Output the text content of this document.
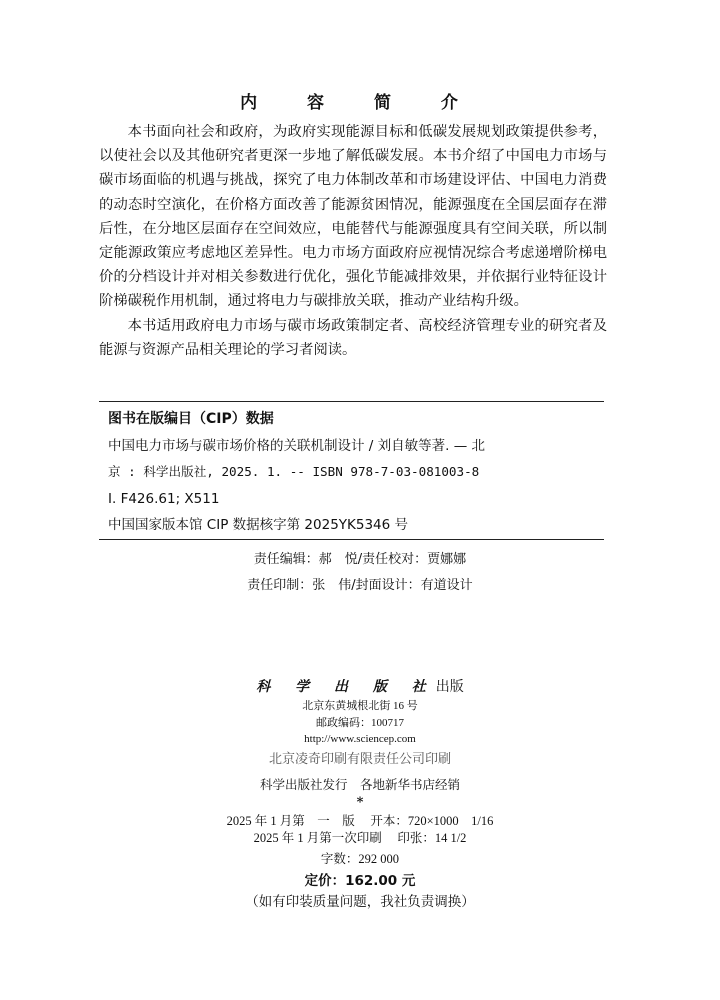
内 容 简 介

本书面向社会和政府，为政府实现能源目标和低碳发展规划政策提供参考，以使社会以及其他研究者更深一步地了解低碳发展。本书介绍了中国电力市场与碳市场面临的机遇与挑战，探究了电力体制改革和市场建设评估、中国电力消费的动态时空演化，在价格方面改善了能源贫困情况，能源强度在全国层面存在滞后性，在分地区层面存在空间效应，电能替代与能源强度具有空间关联，所以制定能源政策应考虑地区差异性。电力市场方面政府应视情况综合考虑递增阶梯电价的分档设计并对相关参数进行优化，强化节能减排效果，并依据行业特征设计阶梯碳税作用机制，通过将电力与碳排放关联，推动产业结构升级。

本书适用政府电力市场与碳市场政策制定者、高校经济管理专业的研究者及能源与资源产品相关理论的学习者阅读。

图书在版编目（CIP）数据
中国电力市场与碳市场价格的关联机制设计 / 刘自敏等著. — 北
京 : 科学出版社, 2025. 1. -- ISBN 978-7-03-081003-8
Ⅰ. F426.61; X511
中国国家版本馆 CIP 数据核字第 2025YK5346 号
责任编辑：郝　悦/责任校对：贾娜娜
责任印制：张　伟/封面设计：有道设计
科 学 出 版 社出版
北京东黄城根北街 16 号
邮政编码：100717
http://www.sciencep.com
北京凌奇印刷有限责任公司印刷
科学出版社发行　各地新华书店经销
*
2025 年 1 月第　一　版　 开本：720×1000　1/16
2025 年 1 月第一次印刷　 印张：14 1/2
字数：292 000
定价：162.00 元
（如有印装质量问题，我社负责调换）
